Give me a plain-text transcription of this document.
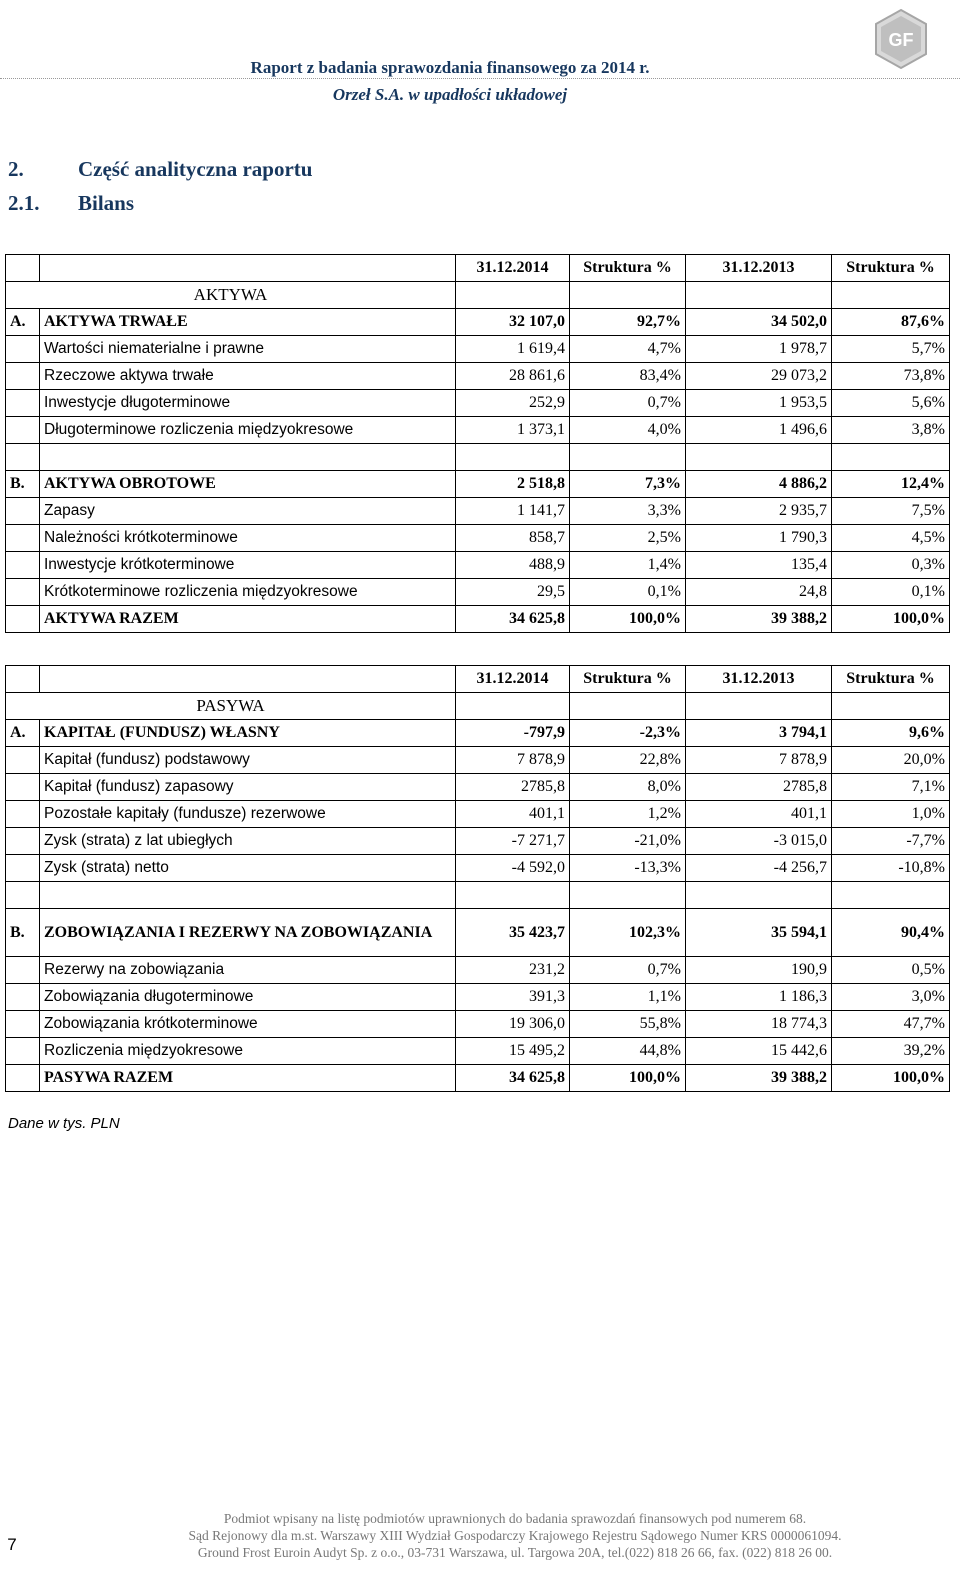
Raport z badania sprawozdania finansowego za 2014 r.
Orzeł S.A. w upadłości układowej
GF
2.	Część analityczna raportu
2.1. Bilans
		31.12.2014	Struktura %	31.12.2013	Struktura %
AKTYWA					
A.	AKTYWA TRWAŁE	32 107,0	92,7%	34 502,0	87,6%
	Wartości niematerialne i prawne	1 619,4	4,7%	1 978,7	5,7%
	Rzeczowe aktywa trwałe	28 861,6	83,4%	29 073,2	73,8%
	Inwestycje długoterminowe	252,9	0,7%	1 953,5	5,6%
	Długoterminowe rozliczenia międzyokresowe	1 373,1	4,0%	1 496,6	3,8%

B.	AKTYWA OBROTOWE	2 518,8	7,3%	4 886,2	12,4%
	Zapasy	1 141,7	3,3%	2 935,7	7,5%
	Należności krótkoterminowe	858,7	2,5%	1 790,3	4,5%
	Inwestycje krótkoterminowe	488,9	1,4%	135,4	0,3%
	Krótkoterminowe rozliczenia międzyokresowe	29,5	0,1%	24,8	0,1%
	AKTYWA RAZEM	34 625,8	100,0%	39 388,2	100,0%
		31.12.2014	Struktura %	31.12.2013	Struktura %
PASYWA					
A.	KAPITAŁ (FUNDUSZ) WŁASNY	-797,9	-2,3%	3 794,1	9,6%
	Kapitał (fundusz) podstawowy	7 878,9	22,8%	7 878,9	20,0%
	Kapitał (fundusz) zapasowy	2785,8	8,0%	2785,8	7,1%
	Pozostałe kapitały (fundusze) rezerwowe	401,1	1,2%	401,1	1,0%
	Zysk (strata) z lat ubiegłych	-7 271,7	-21,0%	-3 015,0	-7,7%
	Zysk (strata) netto	-4 592,0	-13,3%	-4 256,7	-10,8%

B.	ZOBOWIĄZANIA I REZERWY NA ZOBOWIĄZANIA	35 423,7	102,3%	35 594,1	90,4%
	Rezerwy na zobowiązania	231,2	0,7%	190,9	0,5%
	Zobowiązania długoterminowe	391,3	1,1%	1 186,3	3,0%
	Zobowiązania krótkoterminowe	19 306,0	55,8%	18 774,3	47,7%
	Rozliczenia międzyokresowe	15 495,2	44,8%	15 442,6	39,2%
	PASYWA RAZEM	34 625,8	100,0%	39 388,2	100,0%
Dane w tys. PLN
Podmiot wpisany na listę podmiotów uprawnionych do badania sprawozdań finansowych pod numerem 68.
Sąd Rejonowy dla m.st. Warszawy XIII Wydział Gospodarczy Krajowego Rejestru Sądowego Numer KRS 0000061094.
Ground Frost Euroin Audyt Sp. z o.o., 03-731 Warszawa, ul. Targowa 20A, tel.(022) 818 26 66, fax. (022) 818 26 00.
7
